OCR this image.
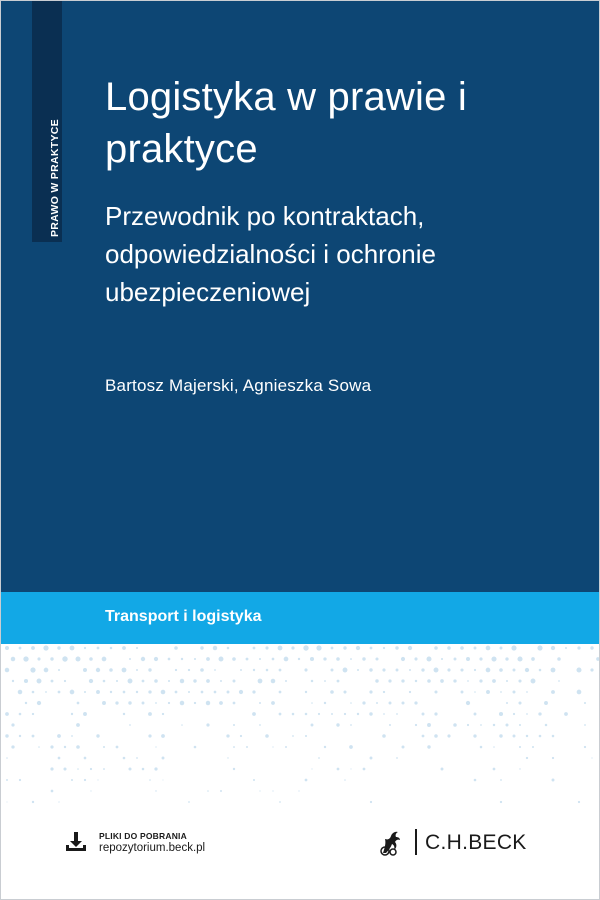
PRAWO W PRAKTYCE
Logistyka w prawie i praktyce
Przewodnik po kontraktach, odpowiedzialności i ochronie ubezpieczeniowej
Bartosz Majerski, Agnieszka Sowa
Transport i logistyka
PLIKI DO POBRANIA
repozytorium.beck.pl	C.H.BECK
